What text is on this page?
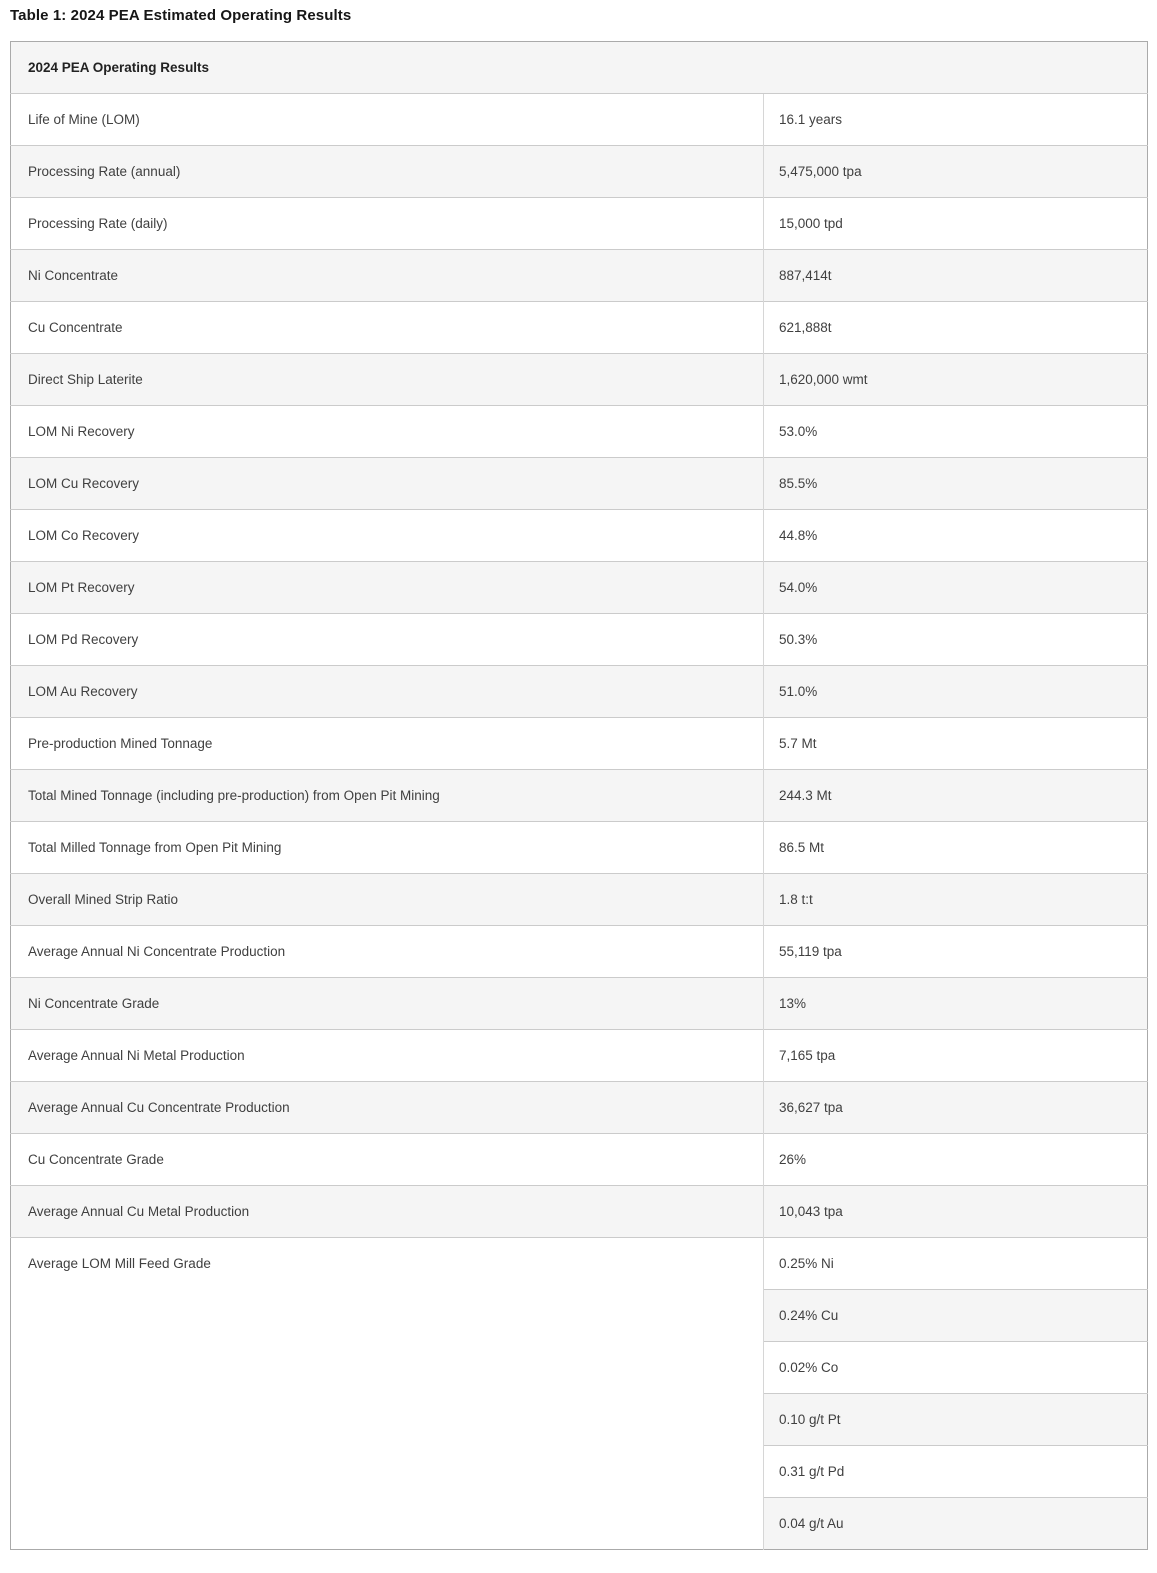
Table 1: 2024 PEA Estimated Operating Results
2024 PEA Operating Results	
Life of Mine (LOM)	16.1 years
Processing Rate (annual)	5,475,000 tpa
Processing Rate (daily)	15,000 tpd
Ni Concentrate	887,414t
Cu Concentrate	621,888t
Direct Ship Laterite	1,620,000 wmt
LOM Ni Recovery	53.0%
LOM Cu Recovery	85.5%
LOM Co Recovery	44.8%
LOM Pt Recovery	54.0%
LOM Pd Recovery	50.3%
LOM Au Recovery	51.0%
Pre-production Mined Tonnage	5.7 Mt
Total Mined Tonnage (including pre-production) from Open Pit Mining	244.3 Mt
Total Milled Tonnage from Open Pit Mining	86.5 Mt
Overall Mined Strip Ratio	1.8 t:t
Average Annual Ni Concentrate Production	55,119 tpa
Ni Concentrate Grade	13%
Average Annual Ni Metal Production	7,165 tpa
Average Annual Cu Concentrate Production	36,627 tpa
Cu Concentrate Grade	26%
Average Annual Cu Metal Production	10,043 tpa
Average LOM Mill Feed Grade	0.25% Ni
	0.24% Cu
	0.02% Co
	0.10 g/t Pt
	0.31 g/t Pd
	0.04 g/t Au
